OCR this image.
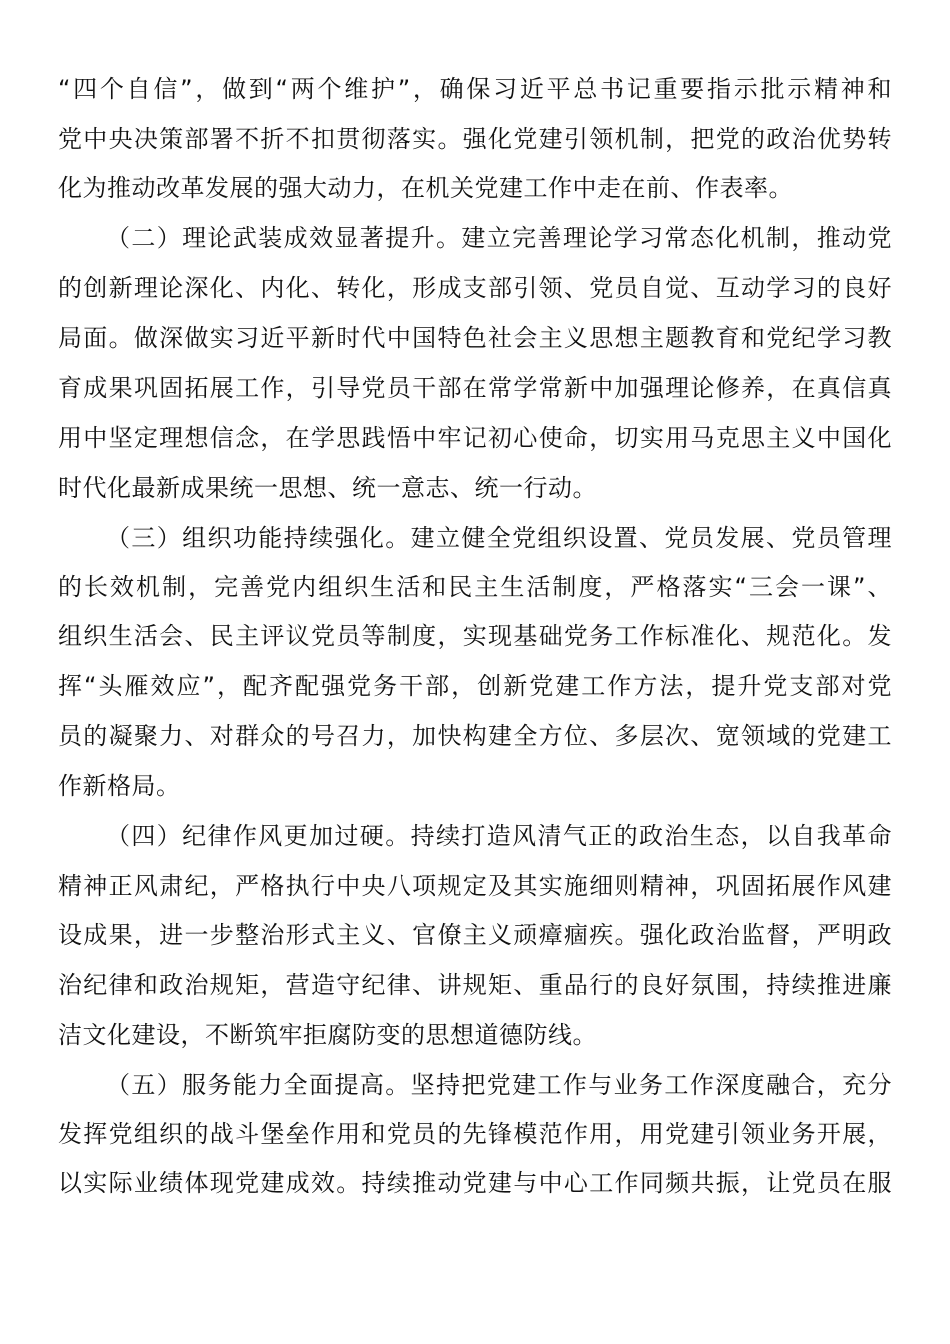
“四个自信”，做到“两个维护”，确保习近平总书记重要指示批示精神和
党中央决策部署不折不扣贯彻落实。强化党建引领机制，把党的政治优势转
化为推动改革发展的强大动力，在机关党建工作中走在前、作表率。
（二）理论武装成效显著提升。建立完善理论学习常态化机制，推动党
的创新理论深化、内化、转化，形成支部引领、党员自觉、互动学习的良好
局面。做深做实习近平新时代中国特色社会主义思想主题教育和党纪学习教
育成果巩固拓展工作，引导党员干部在常学常新中加强理论修养，在真信真
用中坚定理想信念，在学思践悟中牢记初心使命，切实用马克思主义中国化
时代化最新成果统一思想、统一意志、统一行动。
（三）组织功能持续强化。建立健全党组织设置、党员发展、党员管理
的长效机制，完善党内组织生活和民主生活制度，严格落实“三会一课”、
组织生活会、民主评议党员等制度，实现基础党务工作标准化、规范化。发
挥“头雁效应”，配齐配强党务干部，创新党建工作方法，提升党支部对党
员的凝聚力、对群众的号召力，加快构建全方位、多层次、宽领域的党建工
作新格局。
（四）纪律作风更加过硬。持续打造风清气正的政治生态，以自我革命
精神正风肃纪，严格执行中央八项规定及其实施细则精神，巩固拓展作风建
设成果，进一步整治形式主义、官僚主义顽瘴痼疾。强化政治监督，严明政
治纪律和政治规矩，营造守纪律、讲规矩、重品行的良好氛围，持续推进廉
洁文化建设，不断筑牢拒腐防变的思想道德防线。
（五）服务能力全面提高。坚持把党建工作与业务工作深度融合，充分
发挥党组织的战斗堡垒作用和党员的先锋模范作用，用党建引领业务开展，
以实际业绩体现党建成效。持续推动党建与中心工作同频共振，让党员在服
